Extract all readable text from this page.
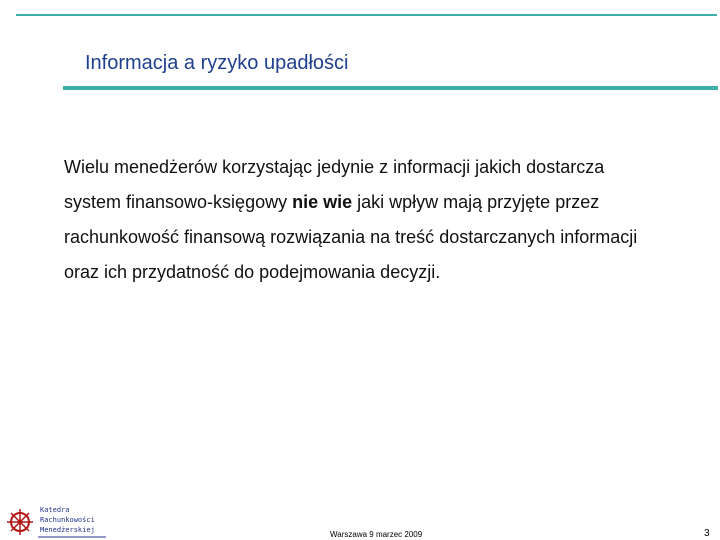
Informacja a ryzyko upadłości
Wielu menedżerów korzystając jedynie z informacji jakich dostarcza system finansowo-księgowy nie wie jaki wpływ mają przyjęte przez rachunkowość finansową rozwiązania na treść dostarczanych informacji oraz ich przydatność do podejmowania decyzji.
Katedra
Rachunkowości
Menedżerskiej	Warszawa 9 marzec 2009	3
